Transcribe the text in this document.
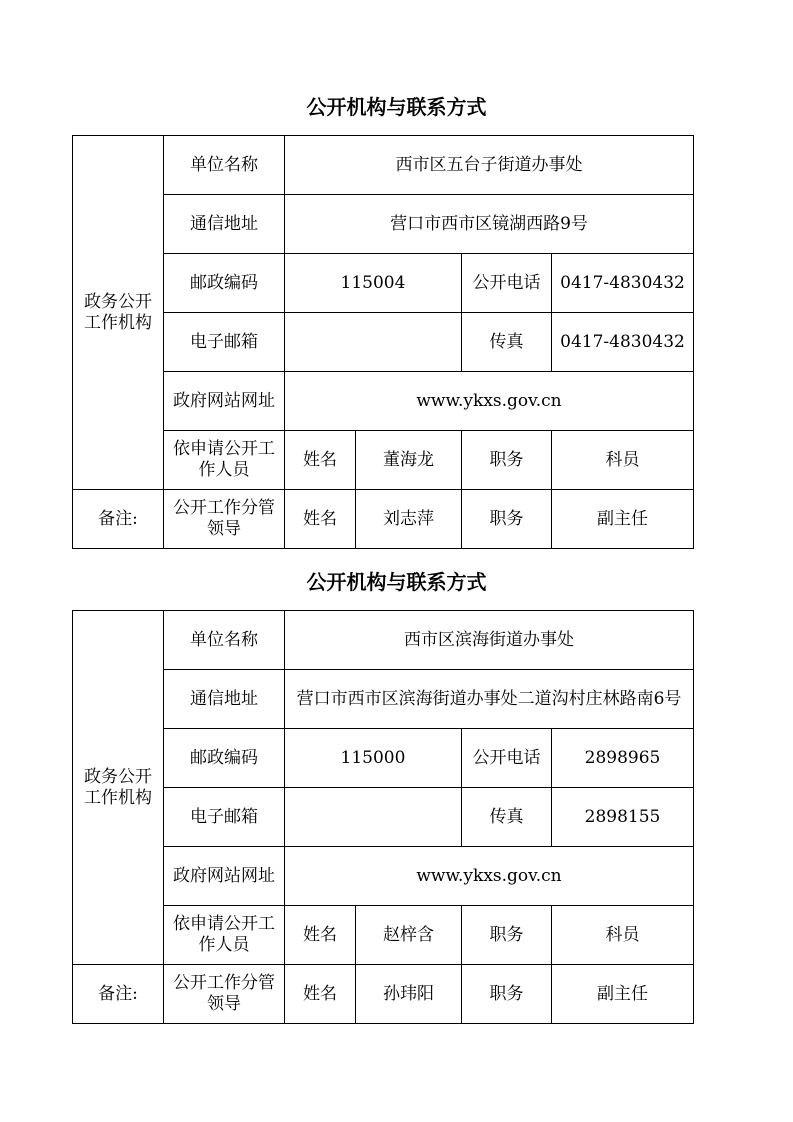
公开机构与联系方式
政务公开工作机构	单位名称	西市区五台子街道办事处			
	通信地址	营口市西市区镜湖西路9号			
	邮政编码	115004		公开电话	0417-4830432
	电子邮箱			传真	0417-4830432
	政府网站网址	www.ykxs.gov.cn			
	依申请公开工作人员	姓名	董海龙	职务	科员
备注:	公开工作分管领导	姓名	刘志萍	职务	副主任
公开机构与联系方式
政务公开工作机构	单位名称	西市区滨海街道办事处			
	通信地址	营口市西市区滨海街道办事处二道沟村庄林路南6号			
	邮政编码	115000		公开电话	2898965
	电子邮箱			传真	2898155
	政府网站网址	www.ykxs.gov.cn			
	依申请公开工作人员	姓名	赵梓含	职务	科员
备注:	公开工作分管领导	姓名	孙玮阳	职务	副主任
